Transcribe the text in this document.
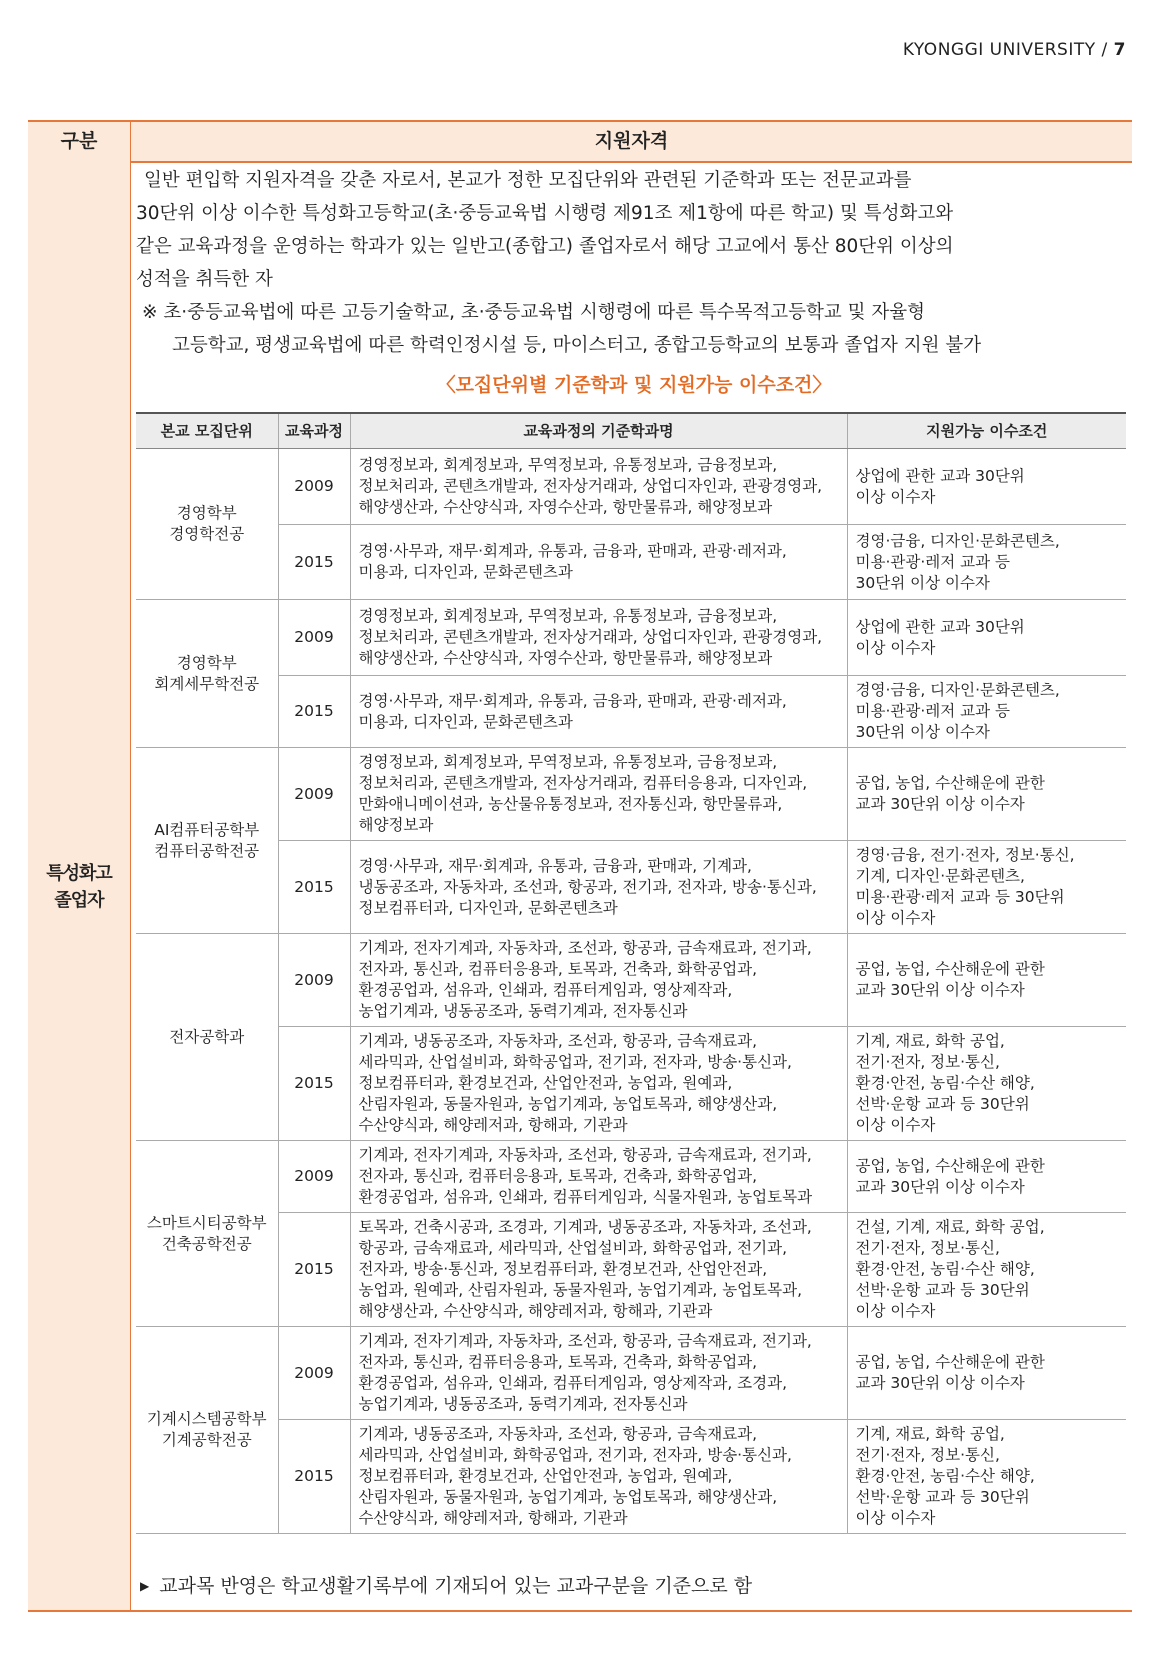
KYONGGI UNIVERSITY / 7
구분	지원자격
특성화고
졸업자

일반 편입학 지원자격을 갖춘 자로서, 본교가 정한 모집단위와 관련된 기준학과 또는 전문교과를

30단위 이상 이수한 특성화고등학교(초·중등교육법 시행령 제91조 제1항에 따른 학교) 및 특성화고와

같은 교육과정을 운영하는 학과가 있는 일반고(종합고) 졸업자로서 해당 고교에서 통산 80단위 이상의

성적을 취득한 자

※ 초·중등교육법에 따른 고등기술학교, 초·중등교육법 시행령에 따른 특수목적고등학교 및 자율형

고등학교, 평생교육법에 따른 학력인정시설 등, 마이스터고, 종합고등학교의 보통과 졸업자 지원 불가

〈모집단위별 기준학과 및 지원가능 이수조건〉
본교 모집단위	교육과정	교육과정의 기준학과명	지원가능 이수조건
경영학부
경영학전공	2009	경영정보과, 회계정보과, 무역정보과, 유통정보과, 금융정보과,
정보처리과, 콘텐츠개발과, 전자상거래과, 상업디자인과, 관광경영과,
해양생산과, 수산양식과, 자영수산과, 항만물류과, 해양정보과	상업에 관한 교과 30단위
이상 이수자
	2015	경영·사무과, 재무·회계과, 유통과, 금융과, 판매과, 관광·레저과,
미용과, 디자인과, 문화콘텐츠과	경영·금융, 디자인·문화콘텐츠,
미용·관광·레저 교과 등
30단위 이상 이수자
경영학부
회계세무학전공	2009	경영정보과, 회계정보과, 무역정보과, 유통정보과, 금융정보과,
정보처리과, 콘텐츠개발과, 전자상거래과, 상업디자인과, 관광경영과,
해양생산과, 수산양식과, 자영수산과, 항만물류과, 해양정보과	상업에 관한 교과 30단위
이상 이수자
	2015	경영·사무과, 재무·회계과, 유통과, 금융과, 판매과, 관광·레저과,
미용과, 디자인과, 문화콘텐츠과	경영·금융, 디자인·문화콘텐츠,
미용·관광·레저 교과 등
30단위 이상 이수자
AI컴퓨터공학부
컴퓨터공학전공	2009	경영정보과, 회계정보과, 무역정보과, 유통정보과, 금융정보과,
정보처리과, 콘텐츠개발과, 전자상거래과, 컴퓨터응용과, 디자인과,
만화애니메이션과, 농산물유통정보과, 전자통신과, 항만물류과,
해양정보과	공업, 농업, 수산해운에 관한
교과 30단위 이상 이수자
	2015	경영·사무과, 재무·회계과, 유통과, 금융과, 판매과, 기계과,
냉동공조과, 자동차과, 조선과, 항공과, 전기과, 전자과, 방송·통신과,
정보컴퓨터과, 디자인과, 문화콘텐츠과	경영·금융, 전기·전자, 정보·통신,
기계, 디자인·문화콘텐츠,
미용·관광·레저 교과 등 30단위
이상 이수자
전자공학과	2009	기계과, 전자기계과, 자동차과, 조선과, 항공과, 금속재료과, 전기과,
전자과, 통신과, 컴퓨터응용과, 토목과, 건축과, 화학공업과,
환경공업과, 섬유과, 인쇄과, 컴퓨터게임과, 영상제작과,
농업기계과, 냉동공조과, 동력기계과, 전자통신과	공업, 농업, 수산해운에 관한
교과 30단위 이상 이수자
	2015	기계과, 냉동공조과, 자동차과, 조선과, 항공과, 금속재료과,
세라믹과, 산업설비과, 화학공업과, 전기과, 전자과, 방송·통신과,
정보컴퓨터과, 환경보건과, 산업안전과, 농업과, 원예과,
산림자원과, 동물자원과, 농업기계과, 농업토목과, 해양생산과,
수산양식과, 해양레저과, 항해과, 기관과	기계, 재료, 화학 공업,
전기·전자, 정보·통신,
환경·안전, 농림·수산 해양,
선박·운항 교과 등 30단위
이상 이수자
스마트시티공학부
건축공학전공	2009	기계과, 전자기계과, 자동차과, 조선과, 항공과, 금속재료과, 전기과,
전자과, 통신과, 컴퓨터응용과, 토목과, 건축과, 화학공업과,
환경공업과, 섬유과, 인쇄과, 컴퓨터게임과, 식물자원과, 농업토목과	공업, 농업, 수산해운에 관한
교과 30단위 이상 이수자
	2015	토목과, 건축시공과, 조경과, 기계과, 냉동공조과, 자동차과, 조선과,
항공과, 금속재료과, 세라믹과, 산업설비과, 화학공업과, 전기과,
전자과, 방송·통신과, 정보컴퓨터과, 환경보건과, 산업안전과,
농업과, 원예과, 산림자원과, 동물자원과, 농업기계과, 농업토목과,
해양생산과, 수산양식과, 해양레저과, 항해과, 기관과	건설, 기계, 재료, 화학 공업,
전기·전자, 정보·통신,
환경·안전, 농림·수산 해양,
선박·운항 교과 등 30단위
이상 이수자
기계시스템공학부
기계공학전공	2009	기계과, 전자기계과, 자동차과, 조선과, 항공과, 금속재료과, 전기과,
전자과, 통신과, 컴퓨터응용과, 토목과, 건축과, 화학공업과,
환경공업과, 섬유과, 인쇄과, 컴퓨터게임과, 영상제작과, 조경과,
농업기계과, 냉동공조과, 동력기계과, 전자통신과	공업, 농업, 수산해운에 관한
교과 30단위 이상 이수자
	2015	기계과, 냉동공조과, 자동차과, 조선과, 항공과, 금속재료과,
세라믹과, 산업설비과, 화학공업과, 전기과, 전자과, 방송·통신과,
정보컴퓨터과, 환경보건과, 산업안전과, 농업과, 원예과,
산림자원과, 동물자원과, 농업기계과, 농업토목과, 해양생산과,
수산양식과, 해양레저과, 항해과, 기관과	기계, 재료, 화학 공업,
전기·전자, 정보·통신,
환경·안전, 농림·수산 해양,
선박·운항 교과 등 30단위
이상 이수자
▶ 교과목 반영은 학교생활기록부에 기재되어 있는 교과구분을 기준으로 함
